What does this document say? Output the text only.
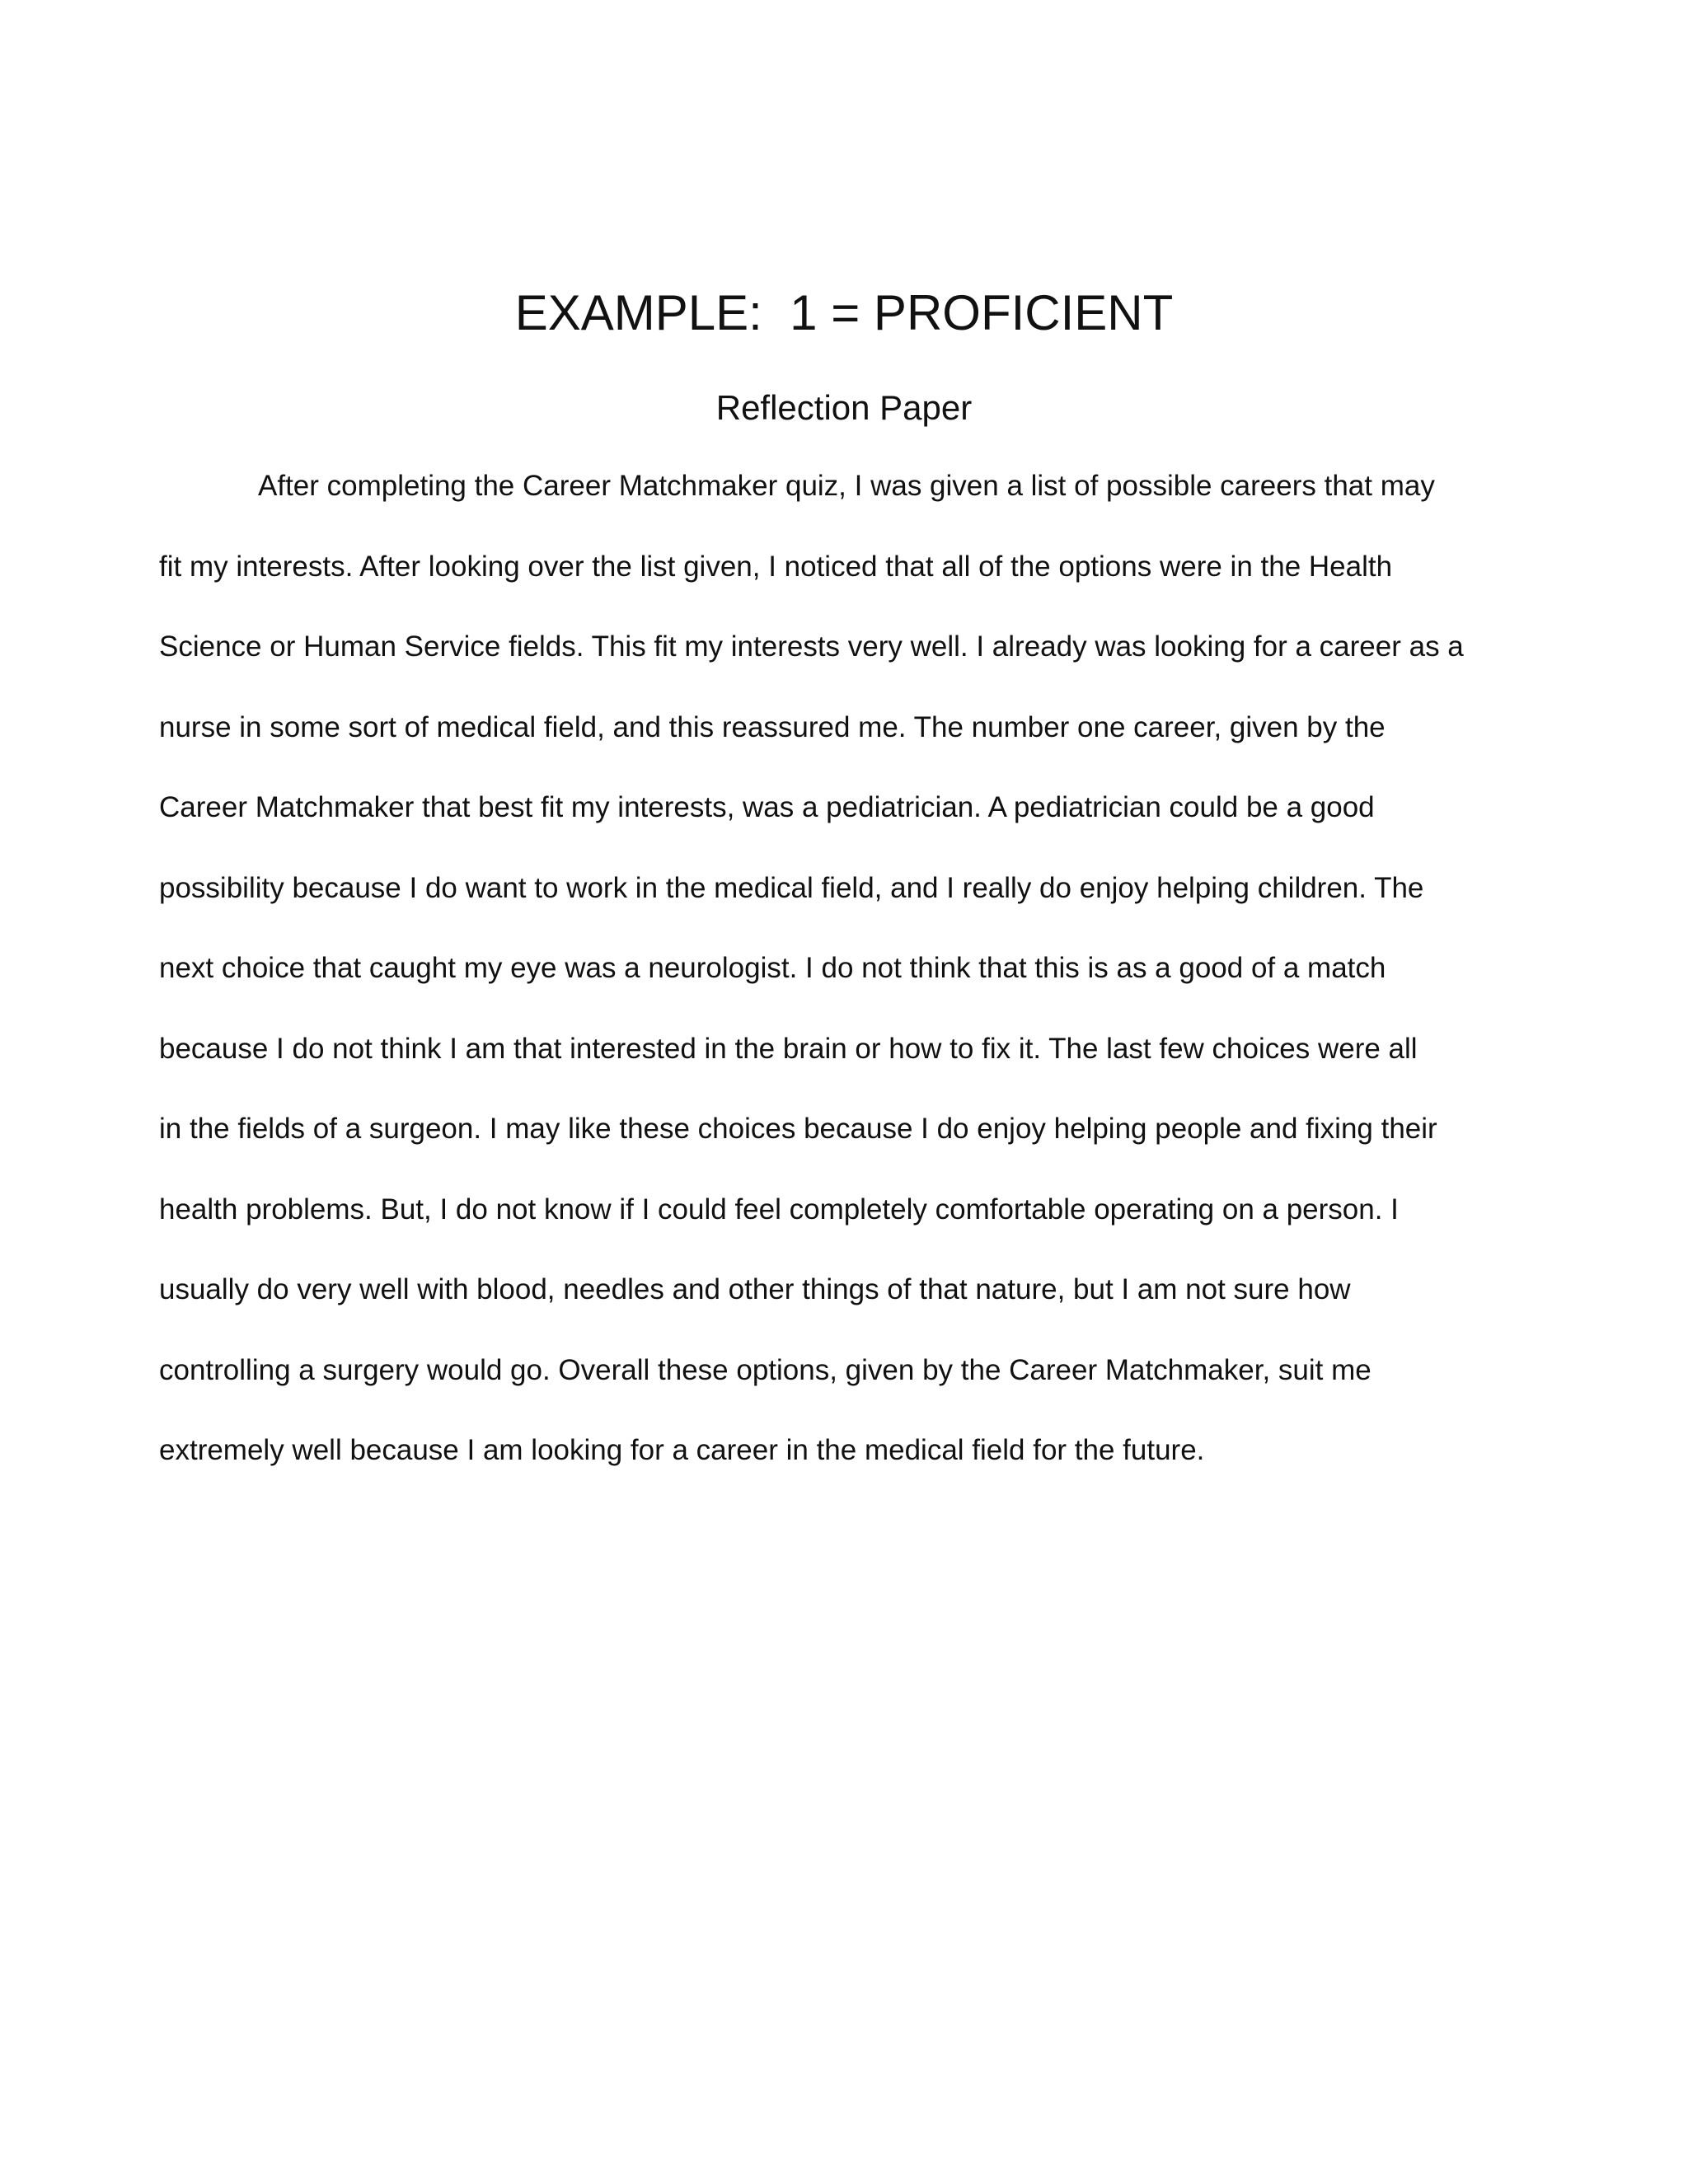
EXAMPLE:  1 = PROFICIENT
Reflection Paper
After completing the Career Matchmaker quiz, I was given a list of possible careers that may
fit my interests. After looking over the list given, I noticed that all of the options were in the Health
Science or Human Service fields. This fit my interests very well. I already was looking for a career as a
nurse in some sort of medical field, and this reassured me. The number one career, given by the
Career Matchmaker that best fit my interests, was a pediatrician. A pediatrician could be a good
possibility because I do want to work in the medical field, and I really do enjoy helping children. The
next choice that caught my eye was a neurologist. I do not think that this is as a good of a match
because I do not think I am that interested in the brain or how to fix it. The last few choices were all
in the fields of a surgeon. I may like these choices because I do enjoy helping people and fixing their
health problems. But, I do not know if I could feel completely comfortable operating on a person. I
usually do very well with blood, needles and other things of that nature, but I am not sure how
controlling a surgery would go. Overall these options, given by the Career Matchmaker, suit me
extremely well because I am looking for a career in the medical field for the future.
